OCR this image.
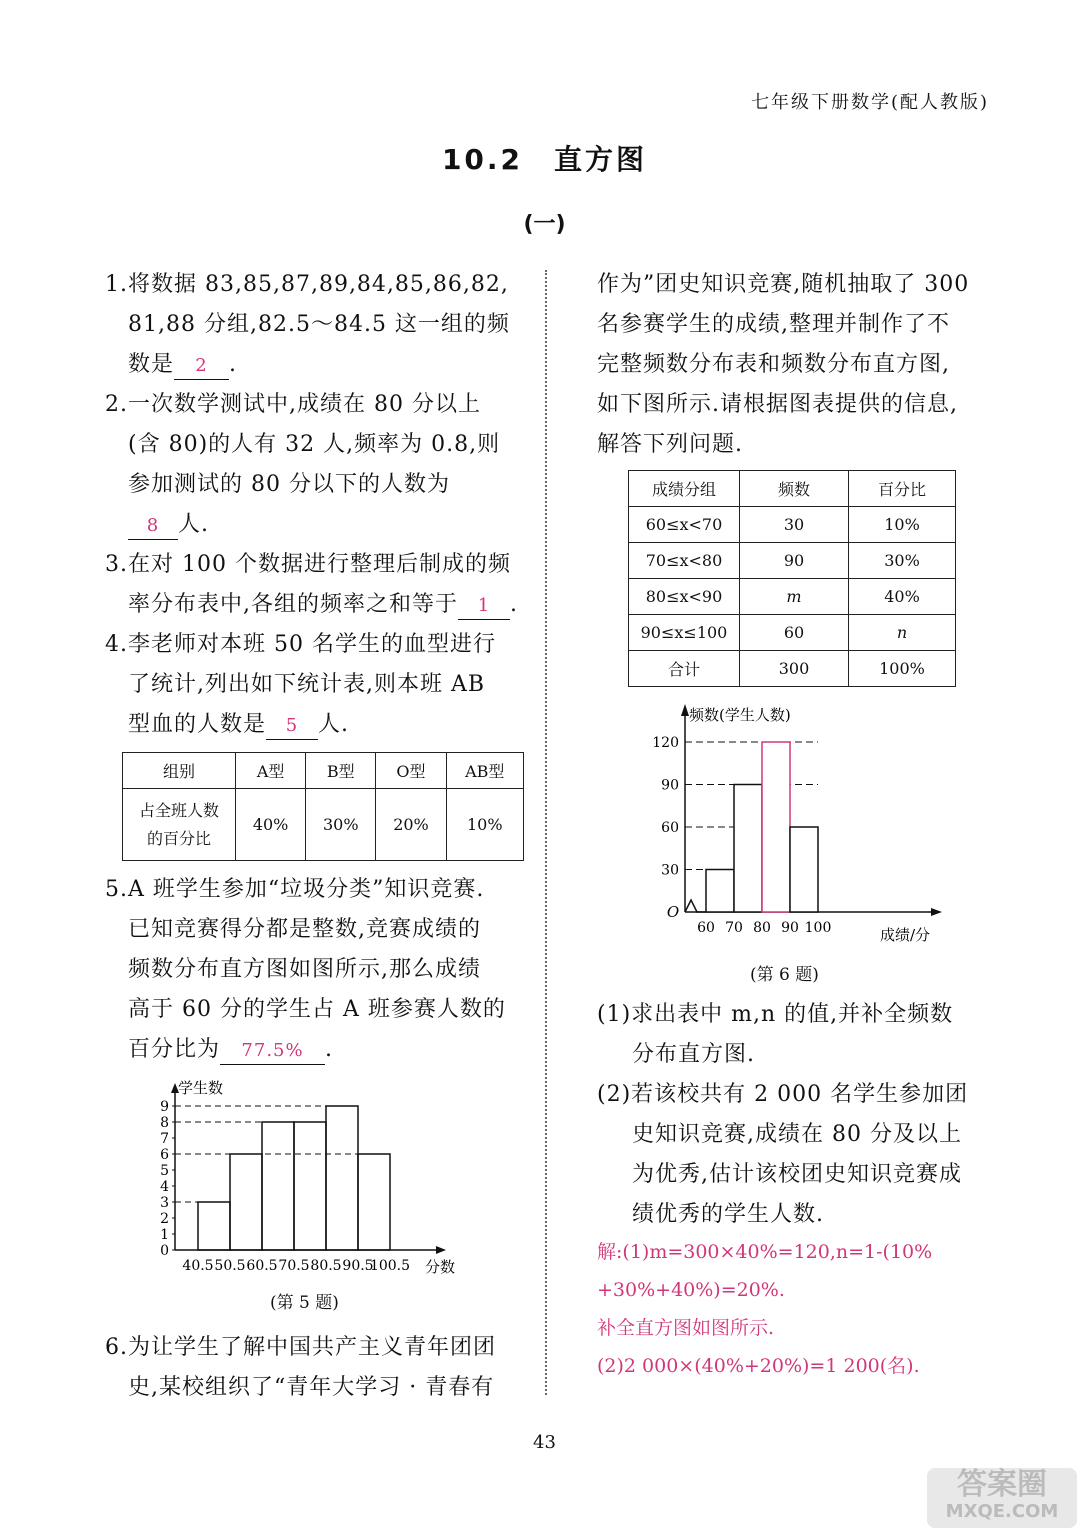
七年级下册数学(配人教版)
10.2　直方图
(一)
1.将数据 83,85,87,89,84,85,86,82,
81,88 分组,82.5～84.5 这一组的频
数是 2 .
2.一次数学测试中,成绩在 80 分以上
(含 80)的人有 32 人,频率为 0.8,则
参加测试的 80 分以下的人数为
8 人.
3.在对 100 个数据进行整理后制成的频
率分布表中,各组的频率之和等于 1 .
4.李老师对本班 50 名学生的血型进行
了统计,列出如下统计表,则本班 AB
型血的人数是 5 人.
组别	A型	B型	O型	AB型

占全班人数
的百分比	40%	30%	20%	10%
5.A 班学生参加“垃圾分类”知识竞赛.
已知竞赛得分都是整数,竞赛成绩的
频数分布直方图如图所示,那么成绩
高于 60 分的学生占 A 班参赛人数的
百分比为 77.5% .
学生数
分数
0
1
2
3
4
5
6
7
8
9
40.5 50.5 60.5 70.5 80.5 90.5
100.5
(第 5 题)
6.为让学生了解中国共产主义青年团团
史,某校组织了“青年大学习 · 青春有
作为”团史知识竞赛,随机抽取了 300
名参赛学生的成绩,整理并制作了不
完整频数分布表和频数分布直方图,
如下图所示.请根据图表提供的信息,
解答下列问题.
成绩分组	频数	百分比
60≤x<70	30	10%
70≤x<80	90	30%
80≤x<90	m	40%
90≤x≤100	60	n
合计	300	100%
频数(学生人数)
成绩/分
O
30
60
90
120
60 70 80 90 100
(第 6 题)
(1)求出表中 m,n 的值,并补全频数
分布直方图.
(2)若该校共有 2 000 名学生参加团
史知识竞赛,成绩在 80 分及以上
为优秀,估计该校团史知识竞赛成
绩优秀的学生人数.
解:(1)m=300×40%=120,n=1-(10%
+30%+40%)=20%.
补全直方图如图所示.
(2)2 000×(40%+20%)=1 200(名).
43
答案圈
MXQE.COM
